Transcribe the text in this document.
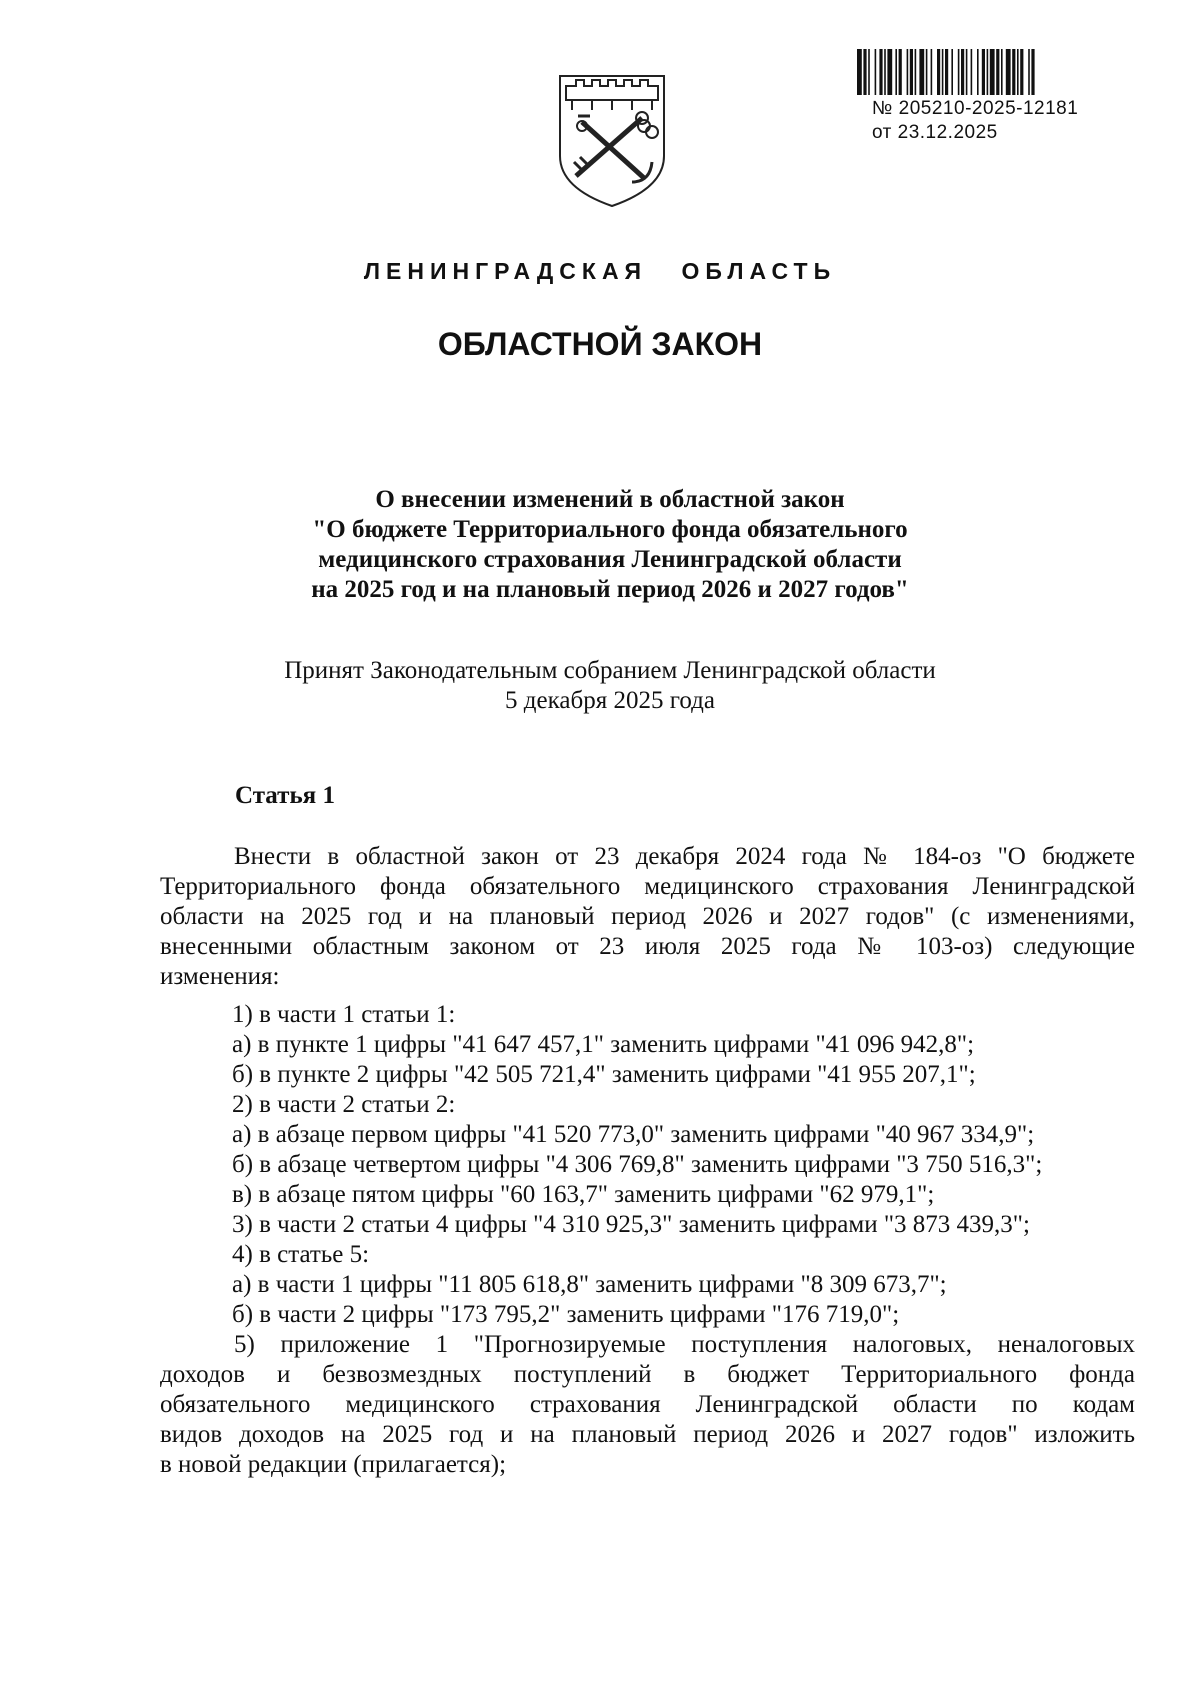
№ 205210-2025-12181
от 23.12.2025
ЛЕНИНГРАДСКАЯ ОБЛАСТЬ
ОБЛАСТНОЙ ЗАКОН
О внесении изменений в областной закон
"О бюджете Территориального фонда обязательного
медицинского страхования Ленинградской области
на 2025 год и на плановый период 2026 и 2027 годов"
Принят Законодательным собранием Ленинградской области
5 декабря 2025 года
Статья 1
Внести в областной закон от 23 декабря 2024 года № 184-оз "О бюджете
Территориального фонда обязательного медицинского страхования Ленинградской
области на 2025 год и на плановый период 2026 и 2027 годов" (с изменениями,
внесенными областным законом от 23 июля 2025 года № 103-оз) следующие
изменения:
1) в части 1 статьи 1:
а) в пункте 1 цифры "41 647 457,1" заменить цифрами "41 096 942,8";
б) в пункте 2 цифры "42 505 721,4" заменить цифрами "41 955 207,1";
2) в части 2 статьи 2:
а) в абзаце первом цифры "41 520 773,0" заменить цифрами "40 967 334,9";
б) в абзаце четвертом цифры "4 306 769,8" заменить цифрами "3 750 516,3";
в) в абзаце пятом цифры "60 163,7" заменить цифрами "62 979,1";
3) в части 2 статьи 4 цифры "4 310 925,3" заменить цифрами "3 873 439,3";
4) в статье 5:
а) в части 1 цифры "11 805 618,8" заменить цифрами "8 309 673,7";
б) в части 2 цифры "173 795,2" заменить цифрами "176 719,0";
5) приложение 1 "Прогнозируемые поступления налоговых, неналоговых
доходов и безвозмездных поступлений в бюджет Территориального фонда
обязательного медицинского страхования Ленинградской области по кодам
видов доходов на 2025 год и на плановый период 2026 и 2027 годов" изложить
в новой редакции (прилагается);
